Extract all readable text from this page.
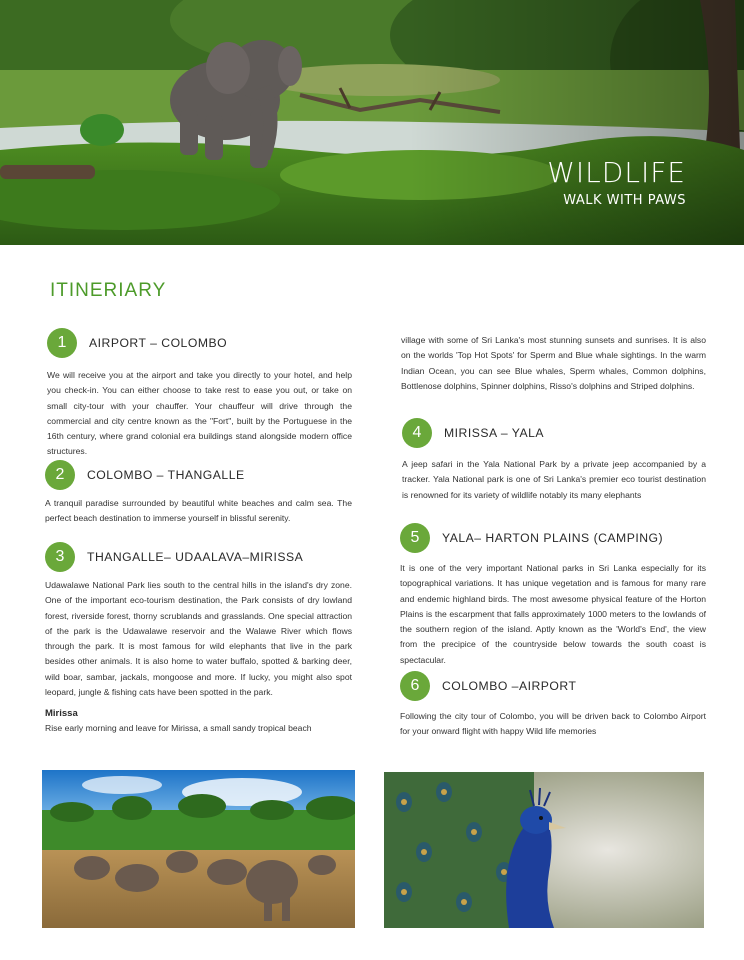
WILDLIFE
WALK WITH PAWS
ITINERIARY
1	AIRPORT – COLOMBO

We will receive you at the airport and take you directly to your hotel, and help you check-in. You can either choose to take rest to ease you out, or take on small city-tour with your chauffer. Your chauffeur will drive through the commercial and city centre known as the "Fort", built by the Portuguese in the 16th century, where grand colonial era buildings stand alongside modern office structures.

2	COLOMBO – THANGALLE

A tranquil paradise surrounded by beautiful white beaches and calm sea. The perfect beach destination to immerse yourself in blissful serenity.

3	THANGALLE– UDAALAVA–MIRISSA

Udawalawe National Park lies south to the central hills in the island's dry zone. One of the important eco-tourism destination, the Park consists of dry lowland forest, riverside forest, thorny scrublands and grasslands. One special attraction of the park is the Udawalawe reservoir and the Walawe River which flows through the park. It is most famous for wild elephants that live in the park besides other animals. It is also home to water buffalo, spotted & barking deer, wild boar, sambar, jackals, mongoose and more. If lucky, you might also spot leopard, jungle & fishing cats have been spotted in the park.

Mirissa

Rise early morning and leave for Mirissa, a small sandy tropical beach

village with some of Sri Lanka's most stunning sunsets and sunrises. It is also on the worlds 'Top Hot Spots' for Sperm and Blue whale sightings. In the warm Indian Ocean, you can see Blue whales, Sperm whales, Common dolphins, Bottlenose dolphins, Spinner dolphins, Risso's dolphins and Striped dolphins.

4	MIRISSA – YALA

A jeep safari in the Yala National Park by a private jeep accompanied by a tracker. Yala National park is one of Sri Lanka's premier eco tourist destination is renowned for its variety of wildlife notably its many elephants

5	YALA– HARTON PLAINS (CAMPING)

It is one of the very important National parks in Sri Lanka especially for its topographical variations. It has unique vegetation and is famous for many rare and endemic highland birds. The most awesome physical feature of the Horton Plains is the escarpment that falls approximately 1000 meters to the lowlands of the southern region of the island. Aptly known as the 'World's End', the view from the precipice of the countryside below towards the south coast is spectacular.

6	COLOMBO –AIRPORT

Following the city tour of Colombo, you will be driven back to Colombo Airport for your onward flight with happy Wild life memories
